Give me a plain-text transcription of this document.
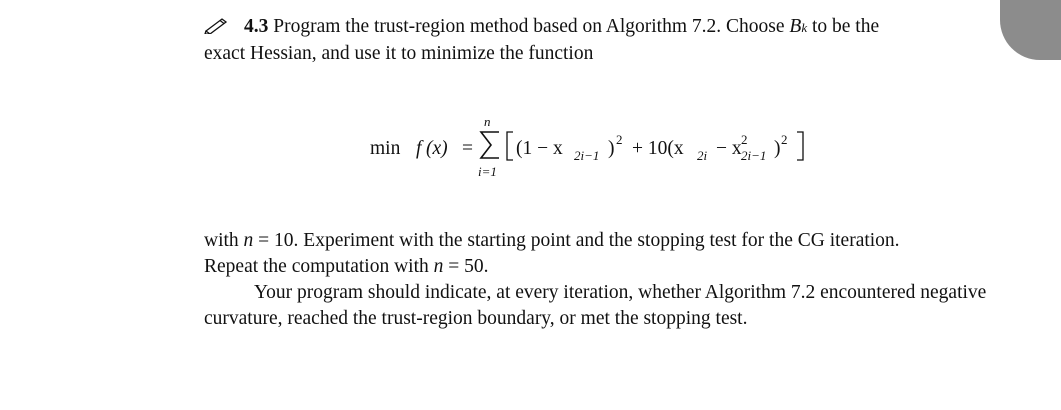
4.3 Program the trust-region method based on Algorithm 7.2. Choose Bk to be the
exact Hessian, and use it to minimize the function
min f (x) =
n
i=1
(1 − x 2i−1 ) 2 + 10(x 2i − x 2
2i−1 ) 2
with n = 10. Experiment with the starting point and the stopping test for the CG iteration.
Repeat the computation with n = 50.
Your program should indicate, at every iteration, whether Algorithm 7.2 encountered negative curvature, reached the trust-region boundary, or met the stopping test.
